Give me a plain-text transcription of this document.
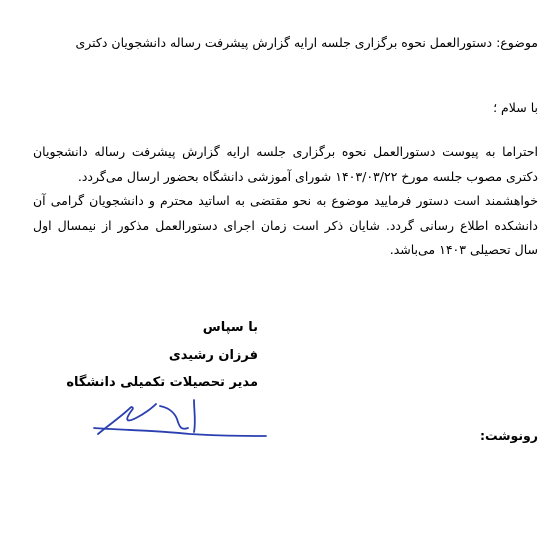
موضوع: دستورالعمل نحوه برگزاری جلسه ارایه گزارش پیشرفت رساله دانشجویان دکتری
با سلام ؛

احتراما به پیوست دستورالعمل نحوه برگزاری جلسه ارایه گزارش پیشرفت رساله دانشجویان دکتری مصوب جلسه مورخ ۱۴۰۳/۰۳/۲۲ شورای آموزشی دانشگاه بحضور ارسال می‌گردد.

خواهشمند است دستور فرمایید موضوع به نحو مقتضی به اساتید محترم و دانشجویان گرامی آن دانشکده اطلاع رسانی گردد. شایان ذکر است زمان اجرای دستورالعمل مذکور از نیمسال اول سال تحصیلی ۱۴۰۳ می‌باشد.

با سپاس
فرزان رشیدی
مدیر تحصیلات تکمیلی دانشگاه
رونوشت:
